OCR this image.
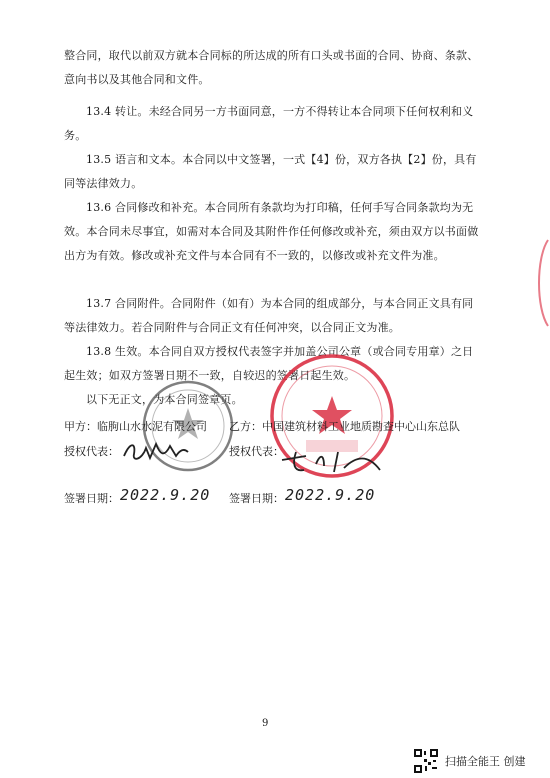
整合同，取代以前双方就本合同标的所达成的所有口头或书面的合同、协商、条款、意向书以及其他合同和文件。

13.4 转让。未经合同另一方书面同意，一方不得转让本合同项下任何权利和义务。

13.5 语言和文本。本合同以中文签署，一式【4】份，双方各执【2】份，具有同等法律效力。

13.6 合同修改和补充。本合同所有条款均为打印稿，任何手写合同条款均为无效。本合同未尽事宜，如需对本合同及其附件作任何修改或补充，须由双方以书面做出方为有效。修改或补充文件与本合同有不一致的，以修改或补充文件为准。

13.7 合同附件。合同附件（如有）为本合同的组成部分，与本合同正文具有同等法律效力。若合同附件与合同正文有任何冲突，以合同正文为准。

13.8 生效。本合同自双方授权代表签字并加盖公司公章（或合同专用章）之日起生效；如双方签署日期不一致，自较迟的签署日起生效。

以下无正文，为本合同签章页。

甲方：临朐山水水泥有限公司 乙方：中国建筑材料工业地质勘查中心山东总队
授权代表：	授权代表：
签署日期： 2022.9.20 签署日期： 2022.9.20
9
扫描全能王 创建
